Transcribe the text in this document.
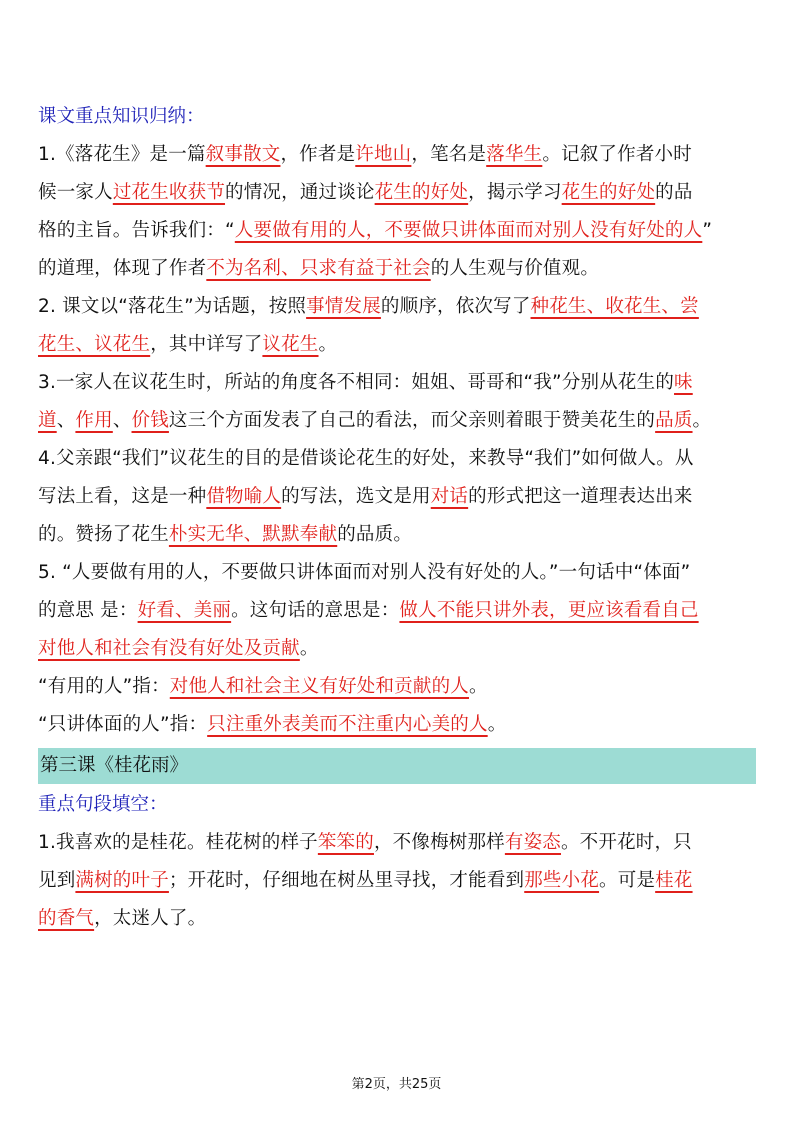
课文重点知识归纳：
1.《落花生》是一篇叙事散文，作者是许地山，笔名是落华生。记叙了作者小时
候一家人过花生收获节的情况，通过谈论花生的好处，揭示学习花生的好处的品
格的主旨。告诉我们：“人要做有用的人，不要做只讲体面而对别人没有好处的人”
的道理，体现了作者不为名利、只求有益于社会的人生观与价值观。
2. 课文以“落花生”为话题，按照事情发展的顺序，依次写了种花生、收花生、尝
花生、议花生，其中详写了议花生。
3.一家人在议花生时，所站的角度各不相同：姐姐、哥哥和“我”分别从花生的味
道、作用、价钱这三个方面发表了自己的看法，而父亲则着眼于赞美花生的品质。
4.父亲跟“我们”议花生的目的是借谈论花生的好处，来教导“我们”如何做人。从
写法上看，这是一种借物喻人的写法，选文是用对话的形式把这一道理表达出来
的。赞扬了花生朴实无华、默默奉献的品质。
5. “人要做有用的人，不要做只讲体面而对别人没有好处的人。”一句话中“体面”
的意思 是：好看、美丽。这句话的意思是：做人不能只讲外表，更应该看看自己
对他人和社会有没有好处及贡献。
“有用的人”指：对他人和社会主义有好处和贡献的人。
“只讲体面的人”指：只注重外表美而不注重内心美的人。
第三课《桂花雨》
重点句段填空：
1.我喜欢的是桂花。桂花树的样子笨笨的，不像梅树那样有姿态。不开花时，只
见到满树的叶子；开花时，仔细地在树丛里寻找，才能看到那些小花。可是桂花
的香气，太迷人了。
第2页，共25页
